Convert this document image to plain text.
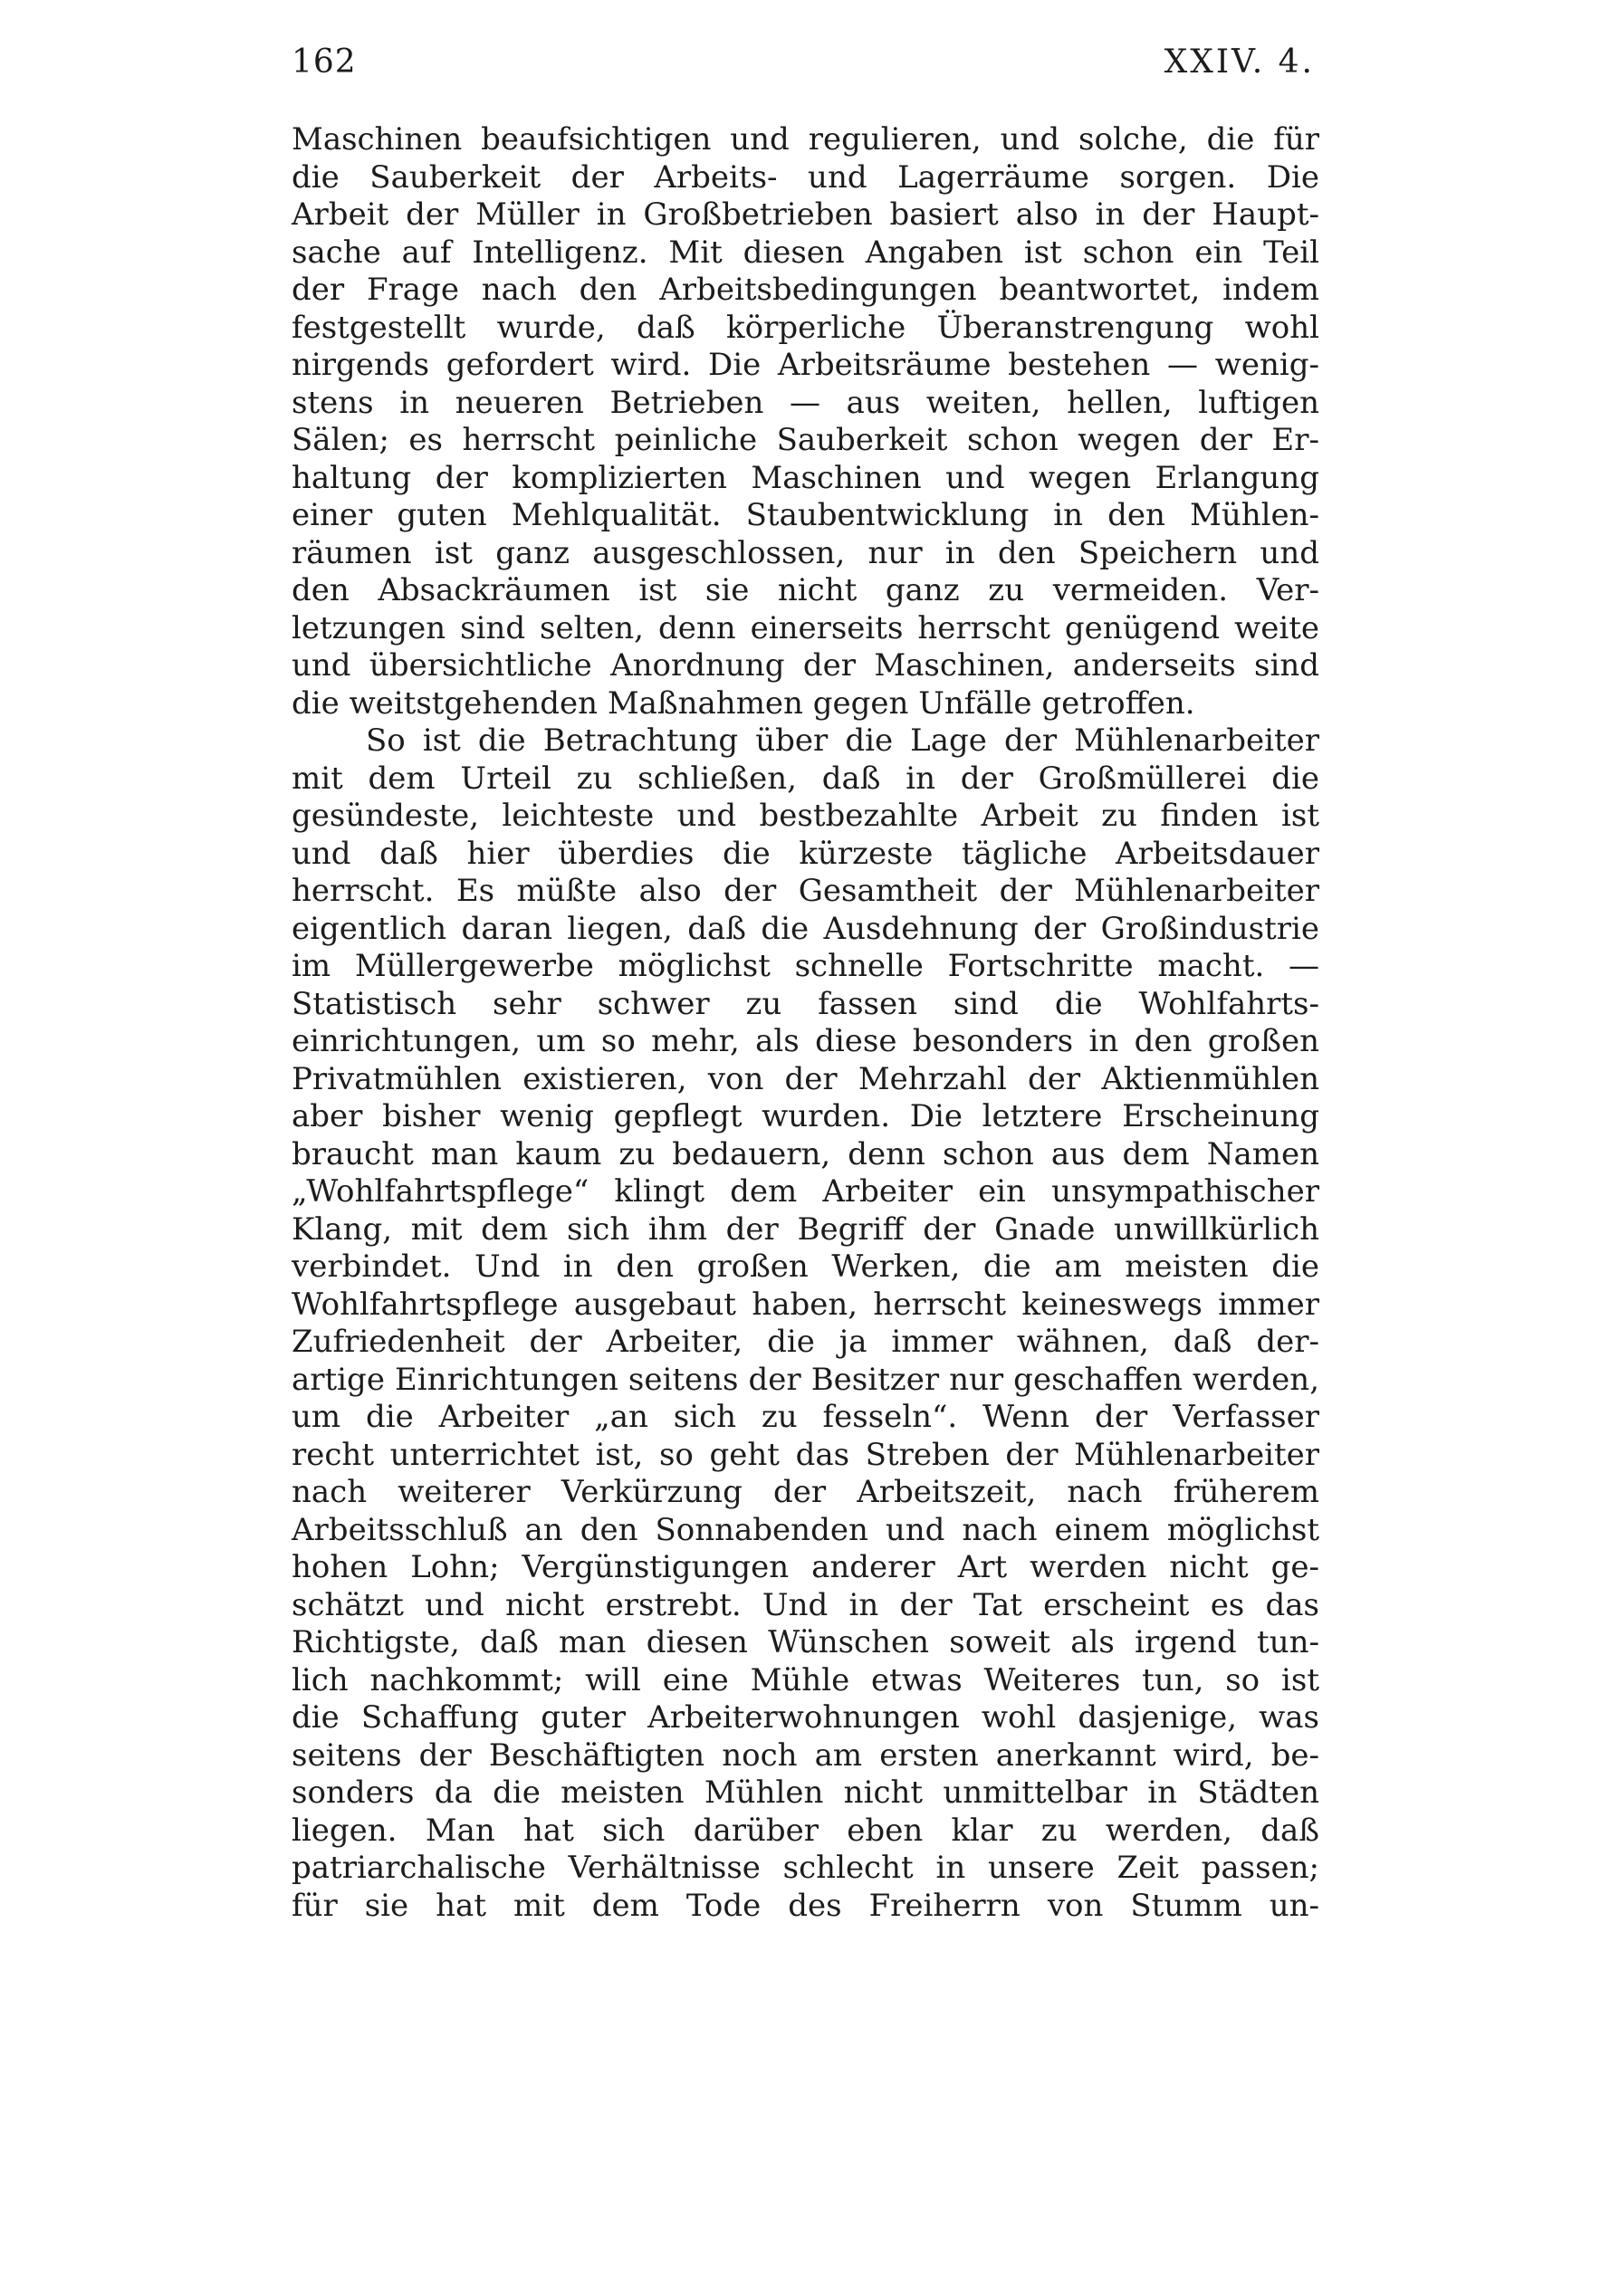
162	XXIV. 4.
Maschinen beaufsichtigen und regulieren, und solche, die für
die Sauberkeit der Arbeits- und Lagerräume sorgen. Die
Arbeit der Müller in Großbetrieben basiert also in der Haupt-
sache auf Intelligenz. Mit diesen Angaben ist schon ein Teil
der Frage nach den Arbeitsbedingungen beantwortet, indem
festgestellt wurde, daß körperliche Überanstrengung wohl
nirgends gefordert wird. Die Arbeitsräume bestehen — wenig-
stens in neueren Betrieben — aus weiten, hellen, luftigen
Sälen; es herrscht peinliche Sauberkeit schon wegen der Er-
haltung der komplizierten Maschinen und wegen Erlangung
einer guten Mehlqualität. Staubentwicklung in den Mühlen-
räumen ist ganz ausgeschlossen, nur in den Speichern und
den Absackräumen ist sie nicht ganz zu vermeiden. Ver-
letzungen sind selten, denn einerseits herrscht genügend weite
und übersichtliche Anordnung der Maschinen, anderseits sind
die weitstgehenden Maßnahmen gegen Unfälle getroffen.
So ist die Betrachtung über die Lage der Mühlenarbeiter
mit dem Urteil zu schließen, daß in der Großmüllerei die
gesündeste, leichteste und bestbezahlte Arbeit zu finden ist
und daß hier überdies die kürzeste tägliche Arbeitsdauer
herrscht. Es müßte also der Gesamtheit der Mühlenarbeiter
eigentlich daran liegen, daß die Ausdehnung der Großindustrie
im Müllergewerbe möglichst schnelle Fortschritte macht. —
Statistisch sehr schwer zu fassen sind die Wohlfahrts-
einrichtungen, um so mehr, als diese besonders in den großen
Privatmühlen existieren, von der Mehrzahl der Aktienmühlen
aber bisher wenig gepflegt wurden. Die letztere Erscheinung
braucht man kaum zu bedauern, denn schon aus dem Namen
„Wohlfahrtspflege“ klingt dem Arbeiter ein unsympathischer
Klang, mit dem sich ihm der Begriff der Gnade unwillkürlich
verbindet. Und in den großen Werken, die am meisten die
Wohlfahrtspflege ausgebaut haben, herrscht keineswegs immer
Zufriedenheit der Arbeiter, die ja immer wähnen, daß der-
artige Einrichtungen seitens der Besitzer nur geschaffen werden,
um die Arbeiter „an sich zu fesseln“. Wenn der Verfasser
recht unterrichtet ist, so geht das Streben der Mühlenarbeiter
nach weiterer Verkürzung der Arbeitszeit, nach früherem
Arbeitsschluß an den Sonnabenden und nach einem möglichst
hohen Lohn; Vergünstigungen anderer Art werden nicht ge-
schätzt und nicht erstrebt. Und in der Tat erscheint es das
Richtigste, daß man diesen Wünschen soweit als irgend tun-
lich nachkommt; will eine Mühle etwas Weiteres tun, so ist
die Schaffung guter Arbeiterwohnungen wohl dasjenige, was
seitens der Beschäftigten noch am ersten anerkannt wird, be-
sonders da die meisten Mühlen nicht unmittelbar in Städten
liegen. Man hat sich darüber eben klar zu werden, daß
patriarchalische Verhältnisse schlecht in unsere Zeit passen;
für sie hat mit dem Tode des Freiherrn von Stumm un-
